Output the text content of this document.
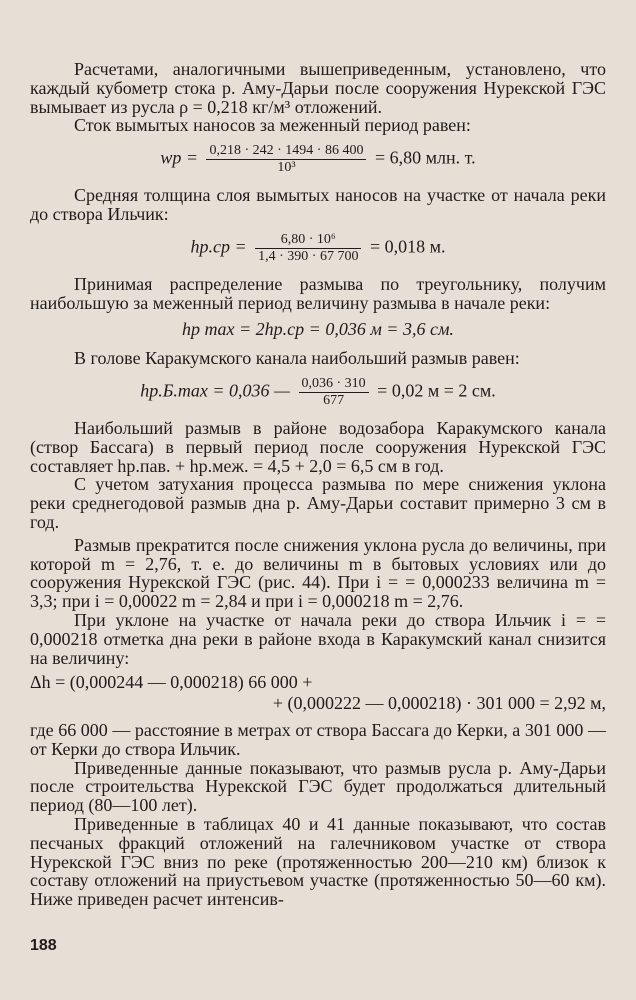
Расчетами, аналогичными вышеприведенным, установлено, что каждый кубометр стока р. Аму-Дарьи после сооружения Нурекской ГЭС вымывает из русла ρ = 0,218 кг/м³ отложений.

Сток вымытых наносов за меженный период равен:

wр = $\frac{0,218 \cdot 242 \cdot 1494 \cdot 86 400}{\text{10³}} = 6,80$ млн. т.

Средняя толщина слоя вымытых наносов на участке от начала реки до створа Ильчик:

$hр.ср = \frac{\text{6,80 · 10⁶}}{1,4 \cdot 390 \cdot 67 700} = 0,018$ м.

Принимая распределение размыва по треугольнику, получим наибольшую за меженный период величину размыва в начале реки:

hр max = 2hр.ср = 0,036 м = 3,6 см.

В голове Каракумского канала наибольший размыв равен:

hр.Б.max = 0,036 — $\frac{0,036 \cdot 310}{677} = 0,02$ м = 2 см.

Наибольший размыв в районе водозабора Каракумского канала (створ Бассага) в первый период после сооружения Нурекской ГЭС составляет hр.пав. + hр.меж. = 4,5 + 2,0 = 6,5 см в год.

С учетом затухания процесса размыва по мере снижения уклона реки среднегодовой размыв дна р. Аму-Дарьи составит примерно 3 см в год.

Размыв прекратится после снижения уклона русла до величины, при которой m = 2,76, т. е. до величины m в бытовых условиях или до сооружения Нурекской ГЭС (рис. 44). При i = = 0,000233 величина m = 3,3; при i = 0,00022 m = 2,84 и при i = 0,000218 m = 2,76.

При уклоне на участке от начала реки до створа Ильчик i = = 0,000218 отметка дна реки в районе входа в Каракумский канал снизится на величину:

Δh = (0,000244 — 0,000218) 66 000 +
+ (0,000222 — 0,000218) · 301 000 = 2,92 м,

где 66 000 — расстояние в метрах от створа Бассага до Керки, а 301 000 — от Керки до створа Ильчик.

Приведенные данные показывают, что размыв русла р. Аму-Дарьи после строительства Нурекской ГЭС будет продолжаться длительный период (80—100 лет).

Приведенные в таблицах 40 и 41 данные показывают, что состав песчаных фракций отложений на галечниковом участке от створа Нурекской ГЭС вниз по реке (протяженностью 200—210 км) близок к составу отложений на приустьевом участке (протяженностью 50—60 км). Ниже приведен расчет интенсив-

188
